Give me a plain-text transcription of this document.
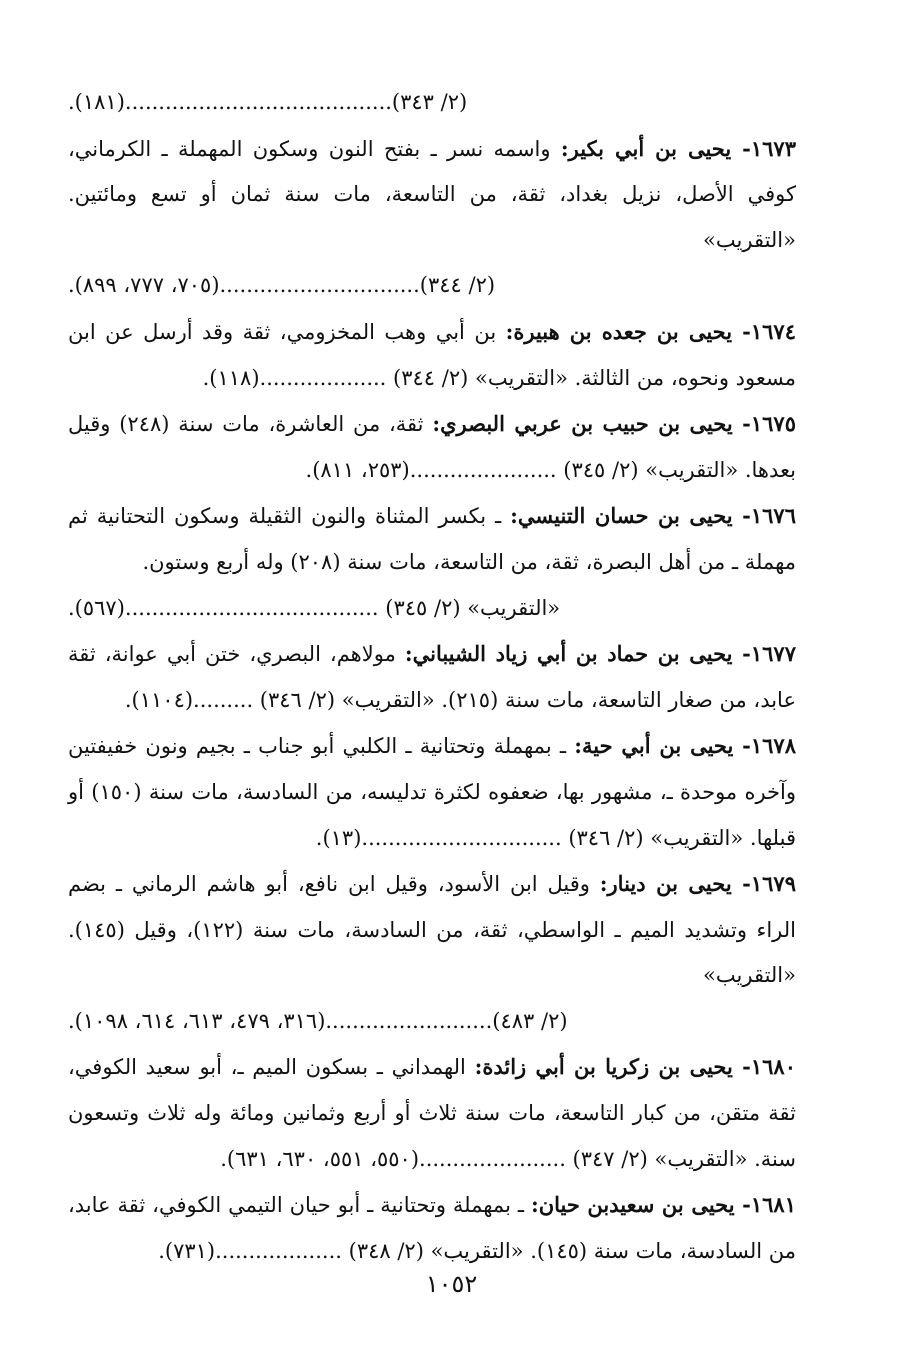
(٢/ ٣٤٣)........................................(١٨١).

١٦٧٣- يحيى بن أبي بكير: واسمه نسر ـ بفتح النون وسكون المهملة ـ الكرماني، كوفي الأصل، نزيل بغداد، ثقة، من التاسعة، مات سنة ثمان أو تسع ومائتين. «التقريب»

(٢/ ٣٤٤)..............................(٧٠٥، ٧٧٧، ٨٩٩).

١٦٧٤- يحيى بن جعده بن هبيرة: بن أبي وهب المخزومي، ثقة وقد أرسل عن ابن مسعود ونحوه، من الثالثة. «التقريب» (٢/ ٣٤٤) ...................(١١٨).

١٦٧٥- يحيى بن حبيب بن عربي البصري: ثقة، من العاشرة، مات سنة (٢٤٨) وقيل بعدها. «التقريب» (٢/ ٣٤٥) ......................(٢٥٣، ٨١١).

١٦٧٦- يحيى بن حسان التنيسي: ـ بكسر المثناة والنون الثقيلة وسكون التحتانية ثم مهملة ـ من أهل البصرة، ثقة، من التاسعة، مات سنة (٢٠٨) وله أربع وستون.

«التقريب» (٢/ ٣٤٥) ......................................(٥٦٧).

١٦٧٧- يحيى بن حماد بن أبي زياد الشيباني: مولاهم، البصري، ختن أبي عوانة، ثقة عابد، من صغار التاسعة، مات سنة (٢١٥). «التقريب» (٢/ ٣٤٦) .........(١١٠٤).

١٦٧٨- يحيى بن أبي حية: ـ بمهملة وتحتانية ـ الكلبي أبو جناب ـ بجيم ونون خفيفتين وآخره موحدة ـ، مشهور بها، ضعفوه لكثرة تدليسه، من السادسة، مات سنة (١٥٠) أو قبلها. «التقريب» (٢/ ٣٤٦) ..............................(١٣).

١٦٧٩- يحيى بن دينار: وقيل ابن الأسود، وقيل ابن نافع، أبو هاشم الرماني ـ بضم الراء وتشديد الميم ـ الواسطي، ثقة، من السادسة، مات سنة (١٢٢)، وقيل (١٤٥). «التقريب»

(٢/ ٤٨٣).........................(٣١٦، ٤٧٩، ٦١٣، ٦١٤، ١٠٩٨).

١٦٨٠- يحيى بن زكريا بن أبي زائدة: الهمداني ـ بسكون الميم ـ، أبو سعيد الكوفي، ثقة متقن، من كبار التاسعة، مات سنة ثلاث أو أربع وثمانين ومائة وله ثلاث وتسعون سنة. «التقريب» (٢/ ٣٤٧) ......................(٥٥٠، ٥٥١، ٦٣٠، ٦٣١).

١٦٨١- يحيى بن سعيدبن حيان: ـ بمهملة وتحتانية ـ أبو حيان التيمي الكوفي، ثقة عابد، من السادسة، مات سنة (١٤٥). «التقريب» (٢/ ٣٤٨) ...................(٧٣١).

١٠٥٢
